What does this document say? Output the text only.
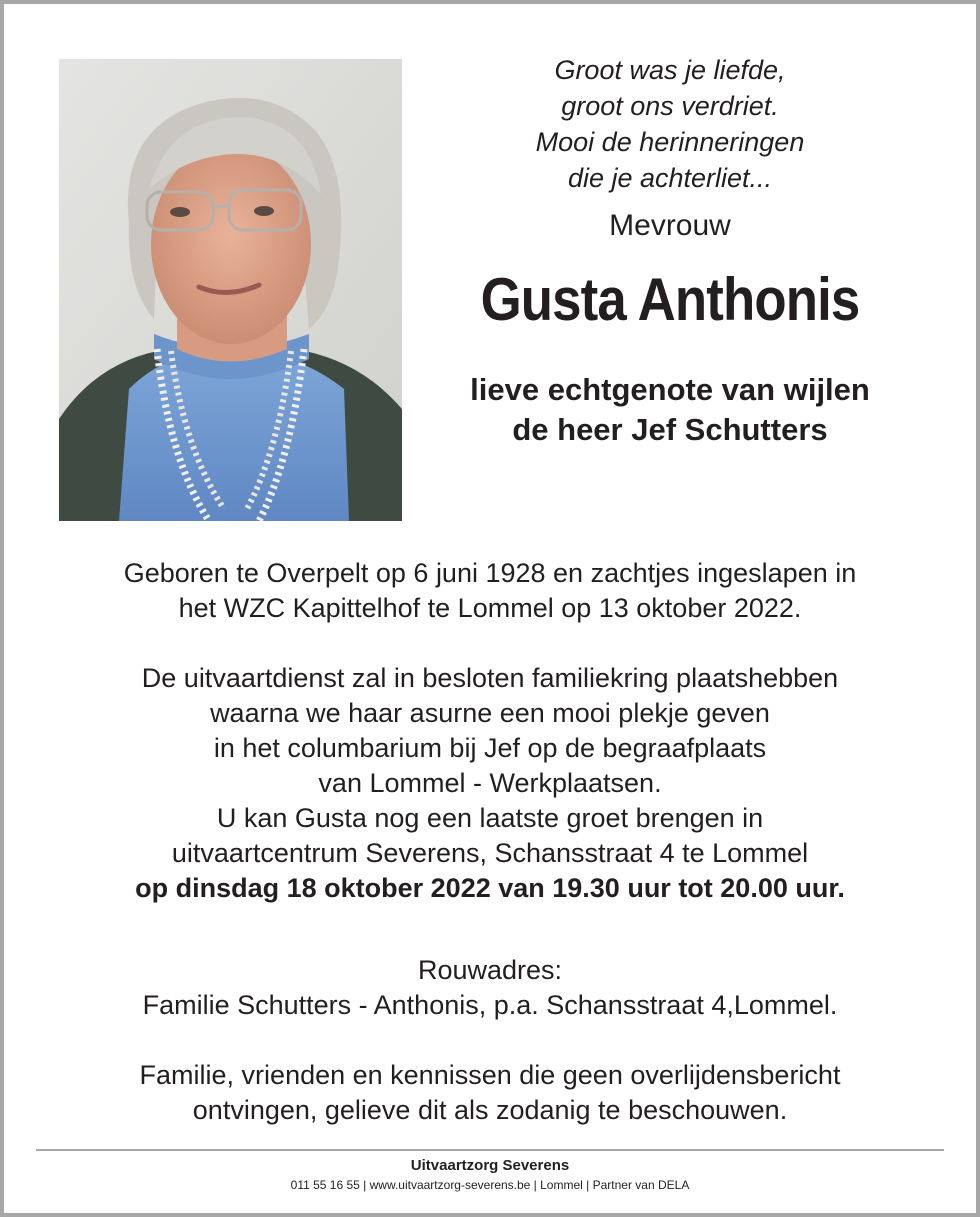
Groot was je liefde,
groot ons verdriet.
Mooi de herinneringen
die je achterliet...
Mevrouw
Gusta Anthonis
lieve echtgenote van wijlen
de heer Jef Schutters
Geboren te Overpelt op 6 juni 1928 en zachtjes ingeslapen in
het WZC Kapittelhof te Lommel op 13 oktober 2022.
De uitvaartdienst zal in besloten familiekring plaatshebben
waarna we haar asurne een mooi plekje geven
in het columbarium bij Jef op de begraafplaats
van Lommel - Werkplaatsen.
U kan Gusta nog een laatste groet brengen in
uitvaartcentrum Severens, Schansstraat 4 te Lommel
op dinsdag 18 oktober 2022 van 19.30 uur tot 20.00 uur.
Rouwadres:
Familie Schutters - Anthonis, p.a. Schansstraat 4,Lommel.
Familie, vrienden en kennissen die geen overlijdensbericht
ontvingen, gelieve dit als zodanig te beschouwen.
Uitvaartzorg Severens
011 55 16 55 | www.uitvaartzorg-severens.be | Lommel | Partner van DELA
